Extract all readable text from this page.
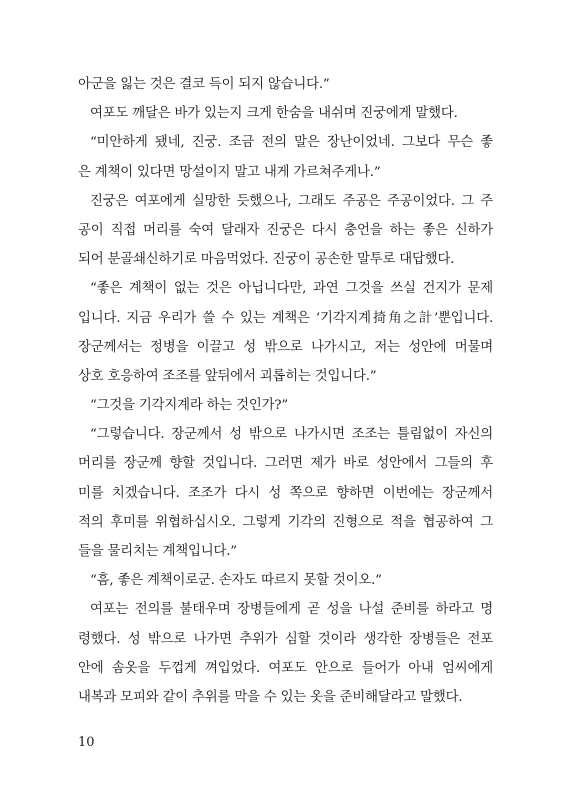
아군을 잃는 것은 결코 득이 되지 않습니다.”
여포도 깨달은 바가 있는지 크게 한숨을 내쉬며 진궁에게 말했다.
“미안하게 됐네, 진궁. 조금 전의 말은 장난이었네. 그보다 무슨 좋
은 계책이 있다면 망설이지 말고 내게 가르쳐주게나.”
진궁은 여포에게 실망한 듯했으나, 그래도 주공은 주공이었다. 그 주
공이 직접 머리를 숙여 달래자 진궁은 다시 충언을 하는 좋은 신하가
되어 분골쇄신하기로 마음먹었다. 진궁이 공손한 말투로 대답했다.
“좋은 계책이 없는 것은 아닙니다만, 과연 그것을 쓰실 건지가 문제
입니다. 지금 우리가 쓸 수 있는 계책은 ‘기각지계掎角之計’뿐입니다.
장군께서는 정병을 이끌고 성 밖으로 나가시고, 저는 성안에 머물며
상호 호응하여 조조를 앞뒤에서 괴롭히는 것입니다.”
“그것을 기각지계라 하는 것인가?”
“그렇습니다. 장군께서 성 밖으로 나가시면 조조는 틀림없이 자신의
머리를 장군께 향할 것입니다. 그러면 제가 바로 성안에서 그들의 후
미를 치겠습니다. 조조가 다시 성 쪽으로 향하면 이번에는 장군께서
적의 후미를 위협하십시오. 그렇게 기각의 진형으로 적을 협공하여 그
들을 물리치는 계책입니다.”
“흠, 좋은 계책이로군. 손자도 따르지 못할 것이오.”
여포는 전의를 불태우며 장병들에게 곧 성을 나설 준비를 하라고 명
령했다. 성 밖으로 나가면 추위가 심할 것이라 생각한 장병들은 전포
안에 솜옷을 두껍게 껴입었다. 여포도 안으로 들어가 아내 엄씨에게
내복과 모피와 같이 추위를 막을 수 있는 옷을 준비해달라고 말했다.
10
